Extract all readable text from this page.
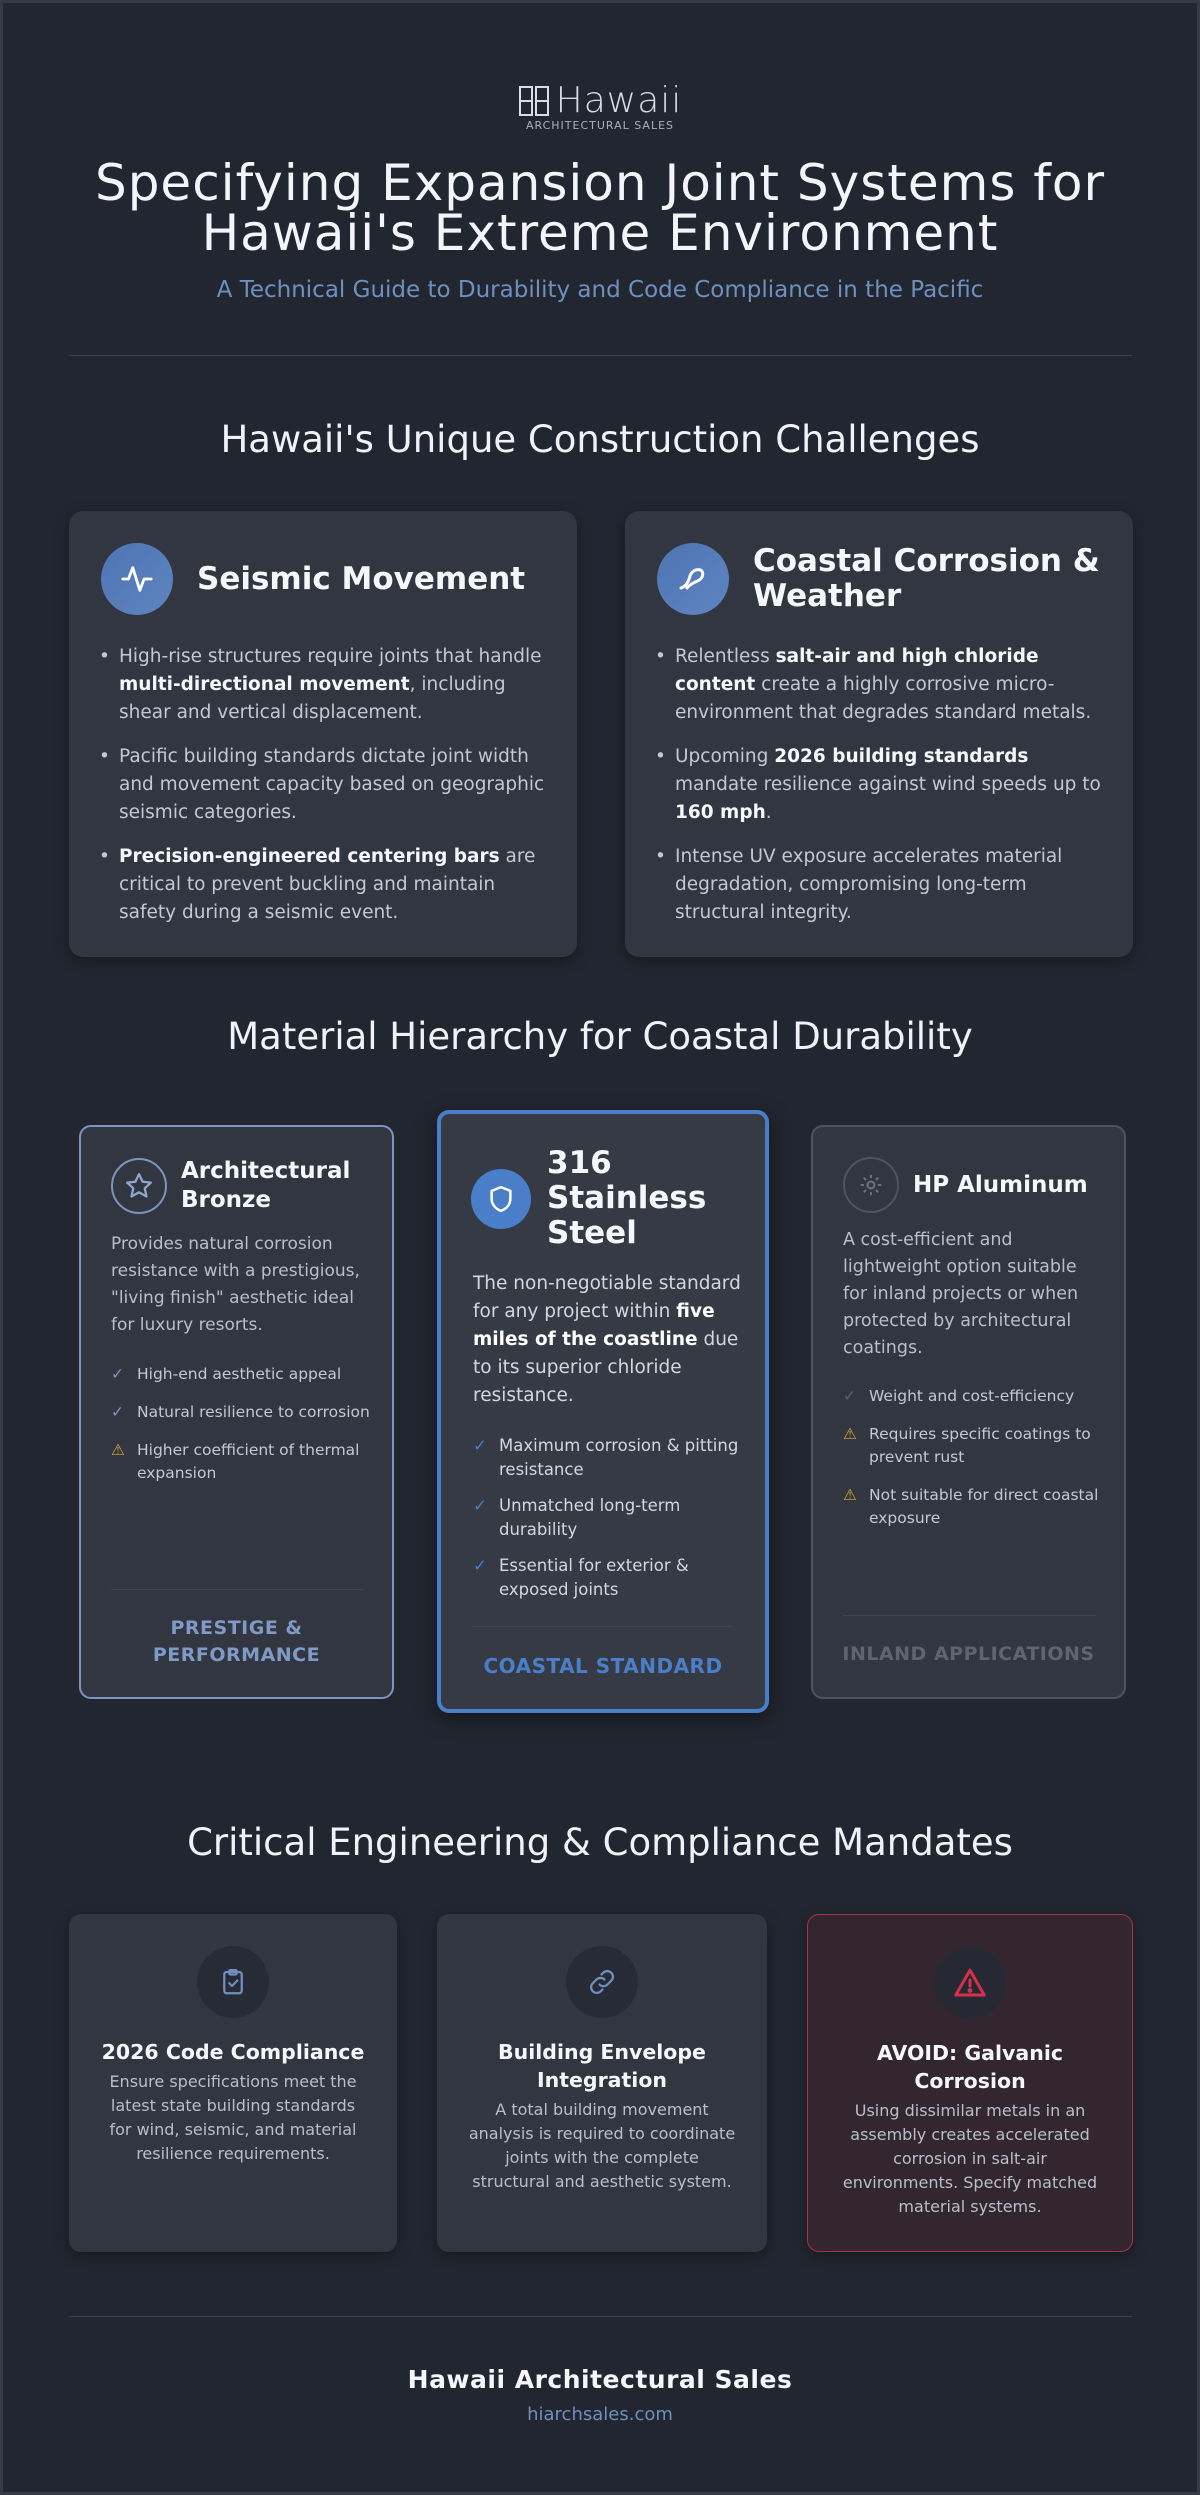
Hawaii
ARCHITECTURAL SALES
Specifying Expansion Joint Systems for
Hawaii's Extreme Environment
A Technical Guide to Durability and Code Compliance in the Pacific
Hawaii's Unique Construction Challenges
Seismic Movement
• High-rise structures require joints that handle multi-directional movement, including shear and vertical displacement.
• Pacific building standards dictate joint width and movement capacity based on geographic seismic categories.
• Precision-engineered centering bars are critical to prevent buckling and maintain safety during a seismic event.
Coastal Corrosion &
Weather
• Relentless salt-air and high chloride content create a highly corrosive micro-environment that degrades standard metals.
• Upcoming 2026 building standards mandate resilience against wind speeds up to 160 mph.
• Intense UV exposure accelerates material degradation, compromising long-term structural integrity.
Material Hierarchy for Coastal Durability
Architectural
Bronze
Provides natural corrosion resistance with a prestigious, "living finish" aesthetic ideal for luxury resorts.
✓ High-end aesthetic appeal
✓ Natural resilience to corrosion
⚠ Higher coefficient of thermal expansion
PRESTIGE &
PERFORMANCE
316
Stainless
Steel
The non-negotiable standard for any project within five miles of the coastline due to its superior chloride resistance.
✓ Maximum corrosion & pitting resistance
✓ Unmatched long-term durability
✓ Essential for exterior & exposed joints
COASTAL STANDARD
HP Aluminum
A cost-efficient and lightweight option suitable for inland projects or when protected by architectural coatings.
✓ Weight and cost-efficiency
⚠ Requires specific coatings to prevent rust
⚠ Not suitable for direct coastal exposure
INLAND APPLICATIONS
Critical Engineering & Compliance Mandates
2026 Code Compliance
Ensure specifications meet the latest state building standards for wind, seismic, and material resilience requirements.
Building Envelope
Integration
A total building movement analysis is required to coordinate joints with the complete structural and aesthetic system.
AVOID: Galvanic
Corrosion
Using dissimilar metals in an assembly creates accelerated corrosion in salt-air environments. Specify matched material systems.
Hawaii Architectural Sales
hiarchsales.com
